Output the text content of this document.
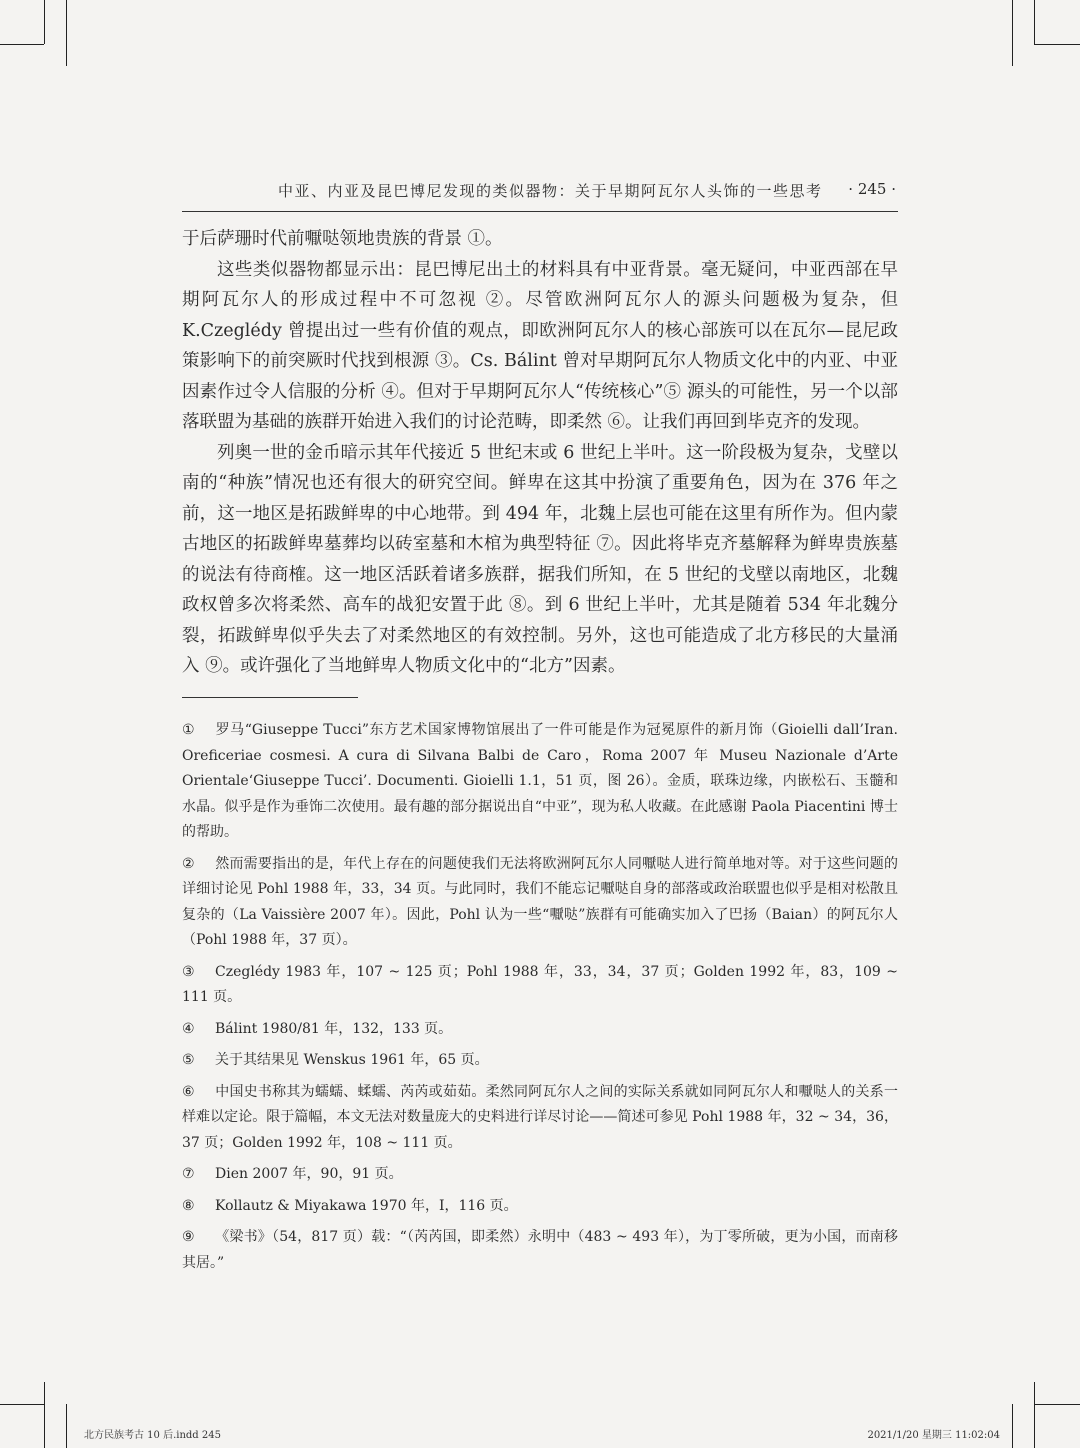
中亚、内亚及昆巴博尼发现的类似器物：关于早期阿瓦尔人头饰的一些思考 · 245 ·

于后萨珊时代前嚈哒领地贵族的背景 ①。

这些类似器物都显示出：昆巴博尼出土的材料具有中亚背景。毫无疑问，中亚西部在早期阿瓦尔人的形成过程中不可忽视 ②。尽管欧洲阿瓦尔人的源头问题极为复杂，但K.Czeglédy 曾提出过一些有价值的观点，即欧洲阿瓦尔人的核心部族可以在瓦尔—昆尼政策影响下的前突厥时代找到根源 ③。Cs. Bálint 曾对早期阿瓦尔人物质文化中的内亚、中亚因素作过令人信服的分析 ④。但对于早期阿瓦尔人“传统核心”⑤ 源头的可能性，另一个以部落联盟为基础的族群开始进入我们的讨论范畴，即柔然 ⑥。让我们再回到毕克齐的发现。

列奥一世的金币暗示其年代接近 5 世纪末或 6 世纪上半叶。这一阶段极为复杂，戈壁以南的“种族”情况也还有很大的研究空间。鲜卑在这其中扮演了重要角色，因为在 376 年之前，这一地区是拓跋鲜卑的中心地带。到 494 年，北魏上层也可能在这里有所作为。但内蒙古地区的拓跋鲜卑墓葬均以砖室墓和木棺为典型特征 ⑦。因此将毕克齐墓解释为鲜卑贵族墓的说法有待商榷。这一地区活跃着诸多族群，据我们所知，在 5 世纪的戈壁以南地区，北魏政权曾多次将柔然、高车的战犯安置于此 ⑧。到 6 世纪上半叶，尤其是随着 534 年北魏分裂，拓跋鲜卑似乎失去了对柔然地区的有效控制。另外，这也可能造成了北方移民的大量涌入 ⑨。或许强化了当地鲜卑人物质文化中的“北方”因素。

① 罗马“Giuseppe Tucci”东方艺术国家博物馆展出了一件可能是作为冠冕原件的新月饰（Gioielli dall’Iran. Oreficeriae cosmesi. A cura di Silvana Balbi de Caro，Roma 2007 年 Museu Nazionale d’Arte Orientale‘Giuseppe Tucci’. Documenti. Gioielli 1.1，51 页，图 26）。金质，联珠边缘，内嵌松石、玉髓和水晶。似乎是作为垂饰二次使用。最有趣的部分据说出自“中亚”，现为私人收藏。在此感谢 Paola Piacentini 博士的帮助。

② 然而需要指出的是，年代上存在的问题使我们无法将欧洲阿瓦尔人同嚈哒人进行简单地对等。对于这些问题的详细讨论见 Pohl 1988 年，33，34 页。与此同时，我们不能忘记嚈哒自身的部落或政治联盟也似乎是相对松散且复杂的（La Vaissière 2007 年）。因此，Pohl 认为一些“嚈哒”族群有可能确实加入了巴扬（Baian）的阿瓦尔人（Pohl 1988 年，37 页）。

③ Czeglédy 1983 年，107 ~ 125 页；Pohl 1988 年，33，34，37 页；Golden 1992 年，83，109 ~ 111 页。

④ Bálint 1980/81 年，132，133 页。

⑤ 关于其结果见 Wenskus 1961 年，65 页。

⑥ 中国史书称其为蠕蠕、蝚蠕、芮芮或茹茹。柔然同阿瓦尔人之间的实际关系就如同阿瓦尔人和嚈哒人的关系一样难以定论。限于篇幅，本文无法对数量庞大的史料进行详尽讨论——简述可参见 Pohl 1988 年，32 ~ 34，36，37 页；Golden 1992 年，108 ~ 111 页。

⑦ Dien 2007 年，90，91 页。

⑧ Kollautz & Miyakawa 1970 年，I，116 页。

⑨ 《梁书》（54，817 页）载：“（芮芮国，即柔然）永明中（483 ~ 493 年），为丁零所破，更为小国，而南移其居。”

北方民族考古 10 后.indd 245	2021/1/20 星期三 11:02:04
